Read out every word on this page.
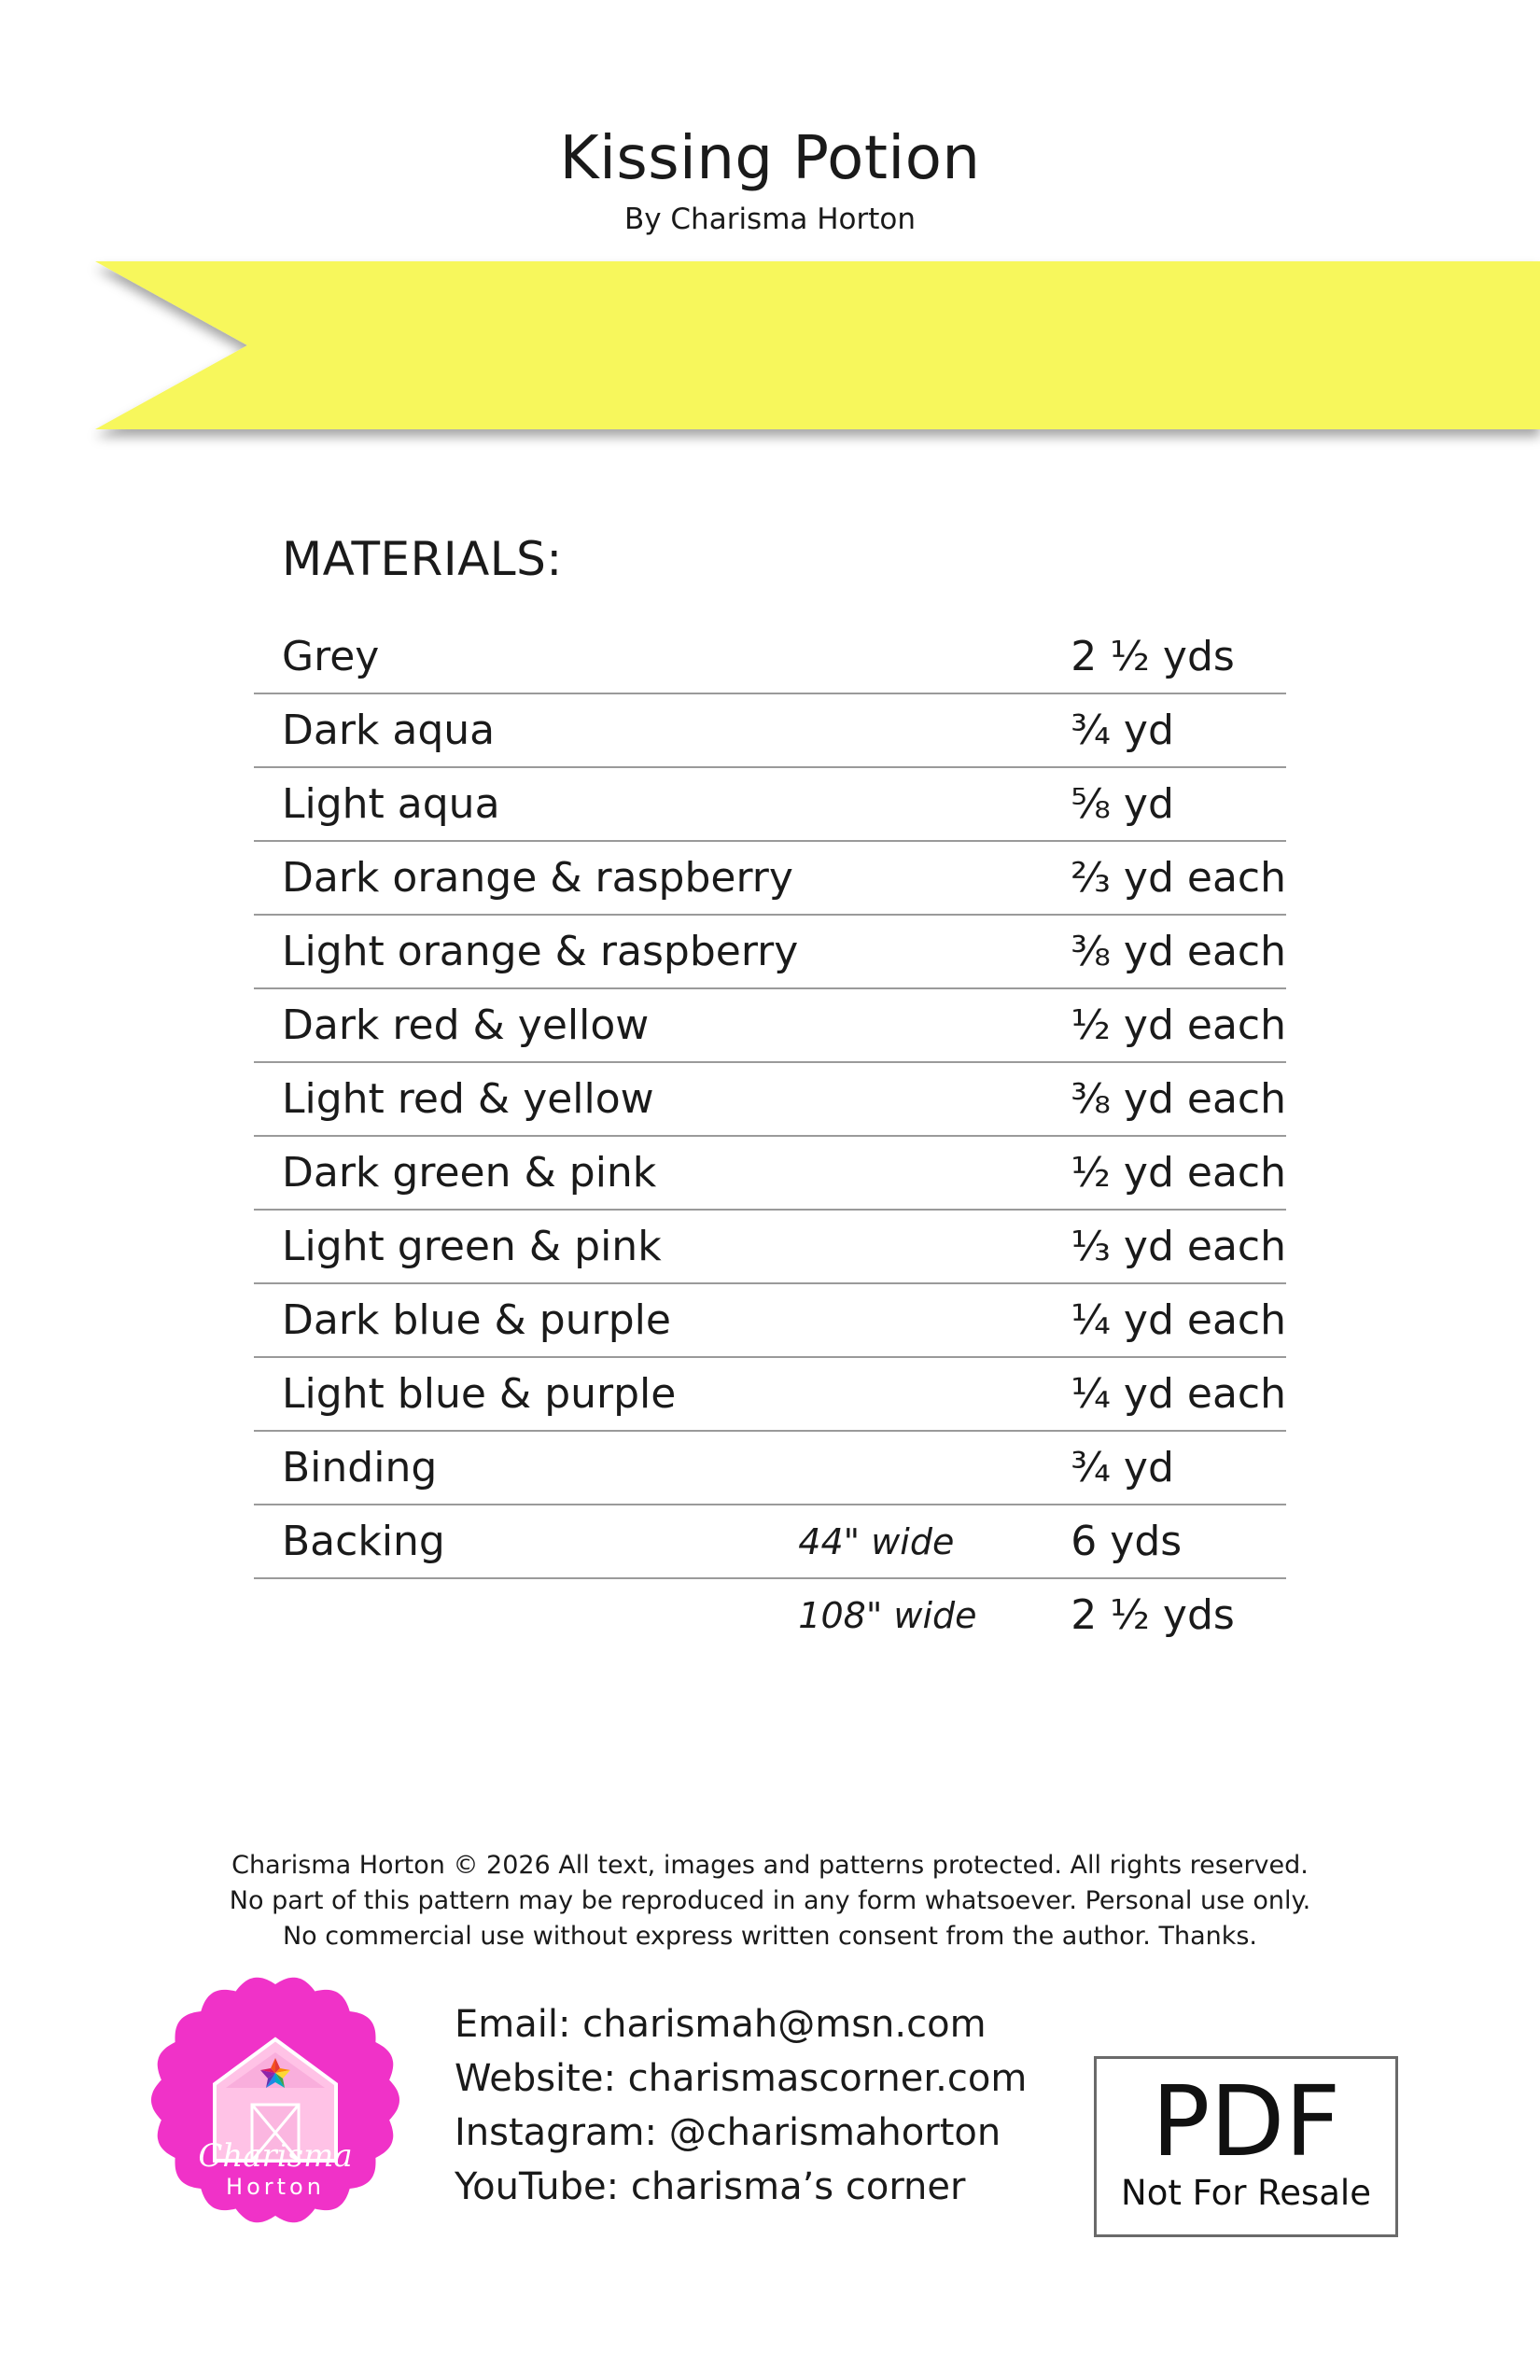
Kissing Potion
By Charisma Horton
MATERIALS:
Grey		2 ½ yds
Dark aqua		¾ yd
Light aqua		⅝ yd
Dark orange & raspberry		⅔ yd each
Light orange & raspberry		⅜ yd each
Dark red & yellow		½ yd each
Light red & yellow		⅜ yd each
Dark green & pink		½ yd each
Light green & pink		⅓ yd each
Dark blue & purple		¼ yd each
Light blue & purple		¼ yd each
Binding		¾ yd
Backing	44" wide	6 yds
	108" wide	2 ½ yds
Charisma Horton © 2026 All text, images and patterns protected. All rights reserved.
No part of this pattern may be reproduced in any form whatsoever. Personal use only.
No commercial use without express written consent from the author. Thanks.
Charisma
Horton
Email: charismah@msn.com
Website: charismascorner.com
Instagram: @charismahorton
YouTube: charisma’s corner
PDF
Not For Resale
